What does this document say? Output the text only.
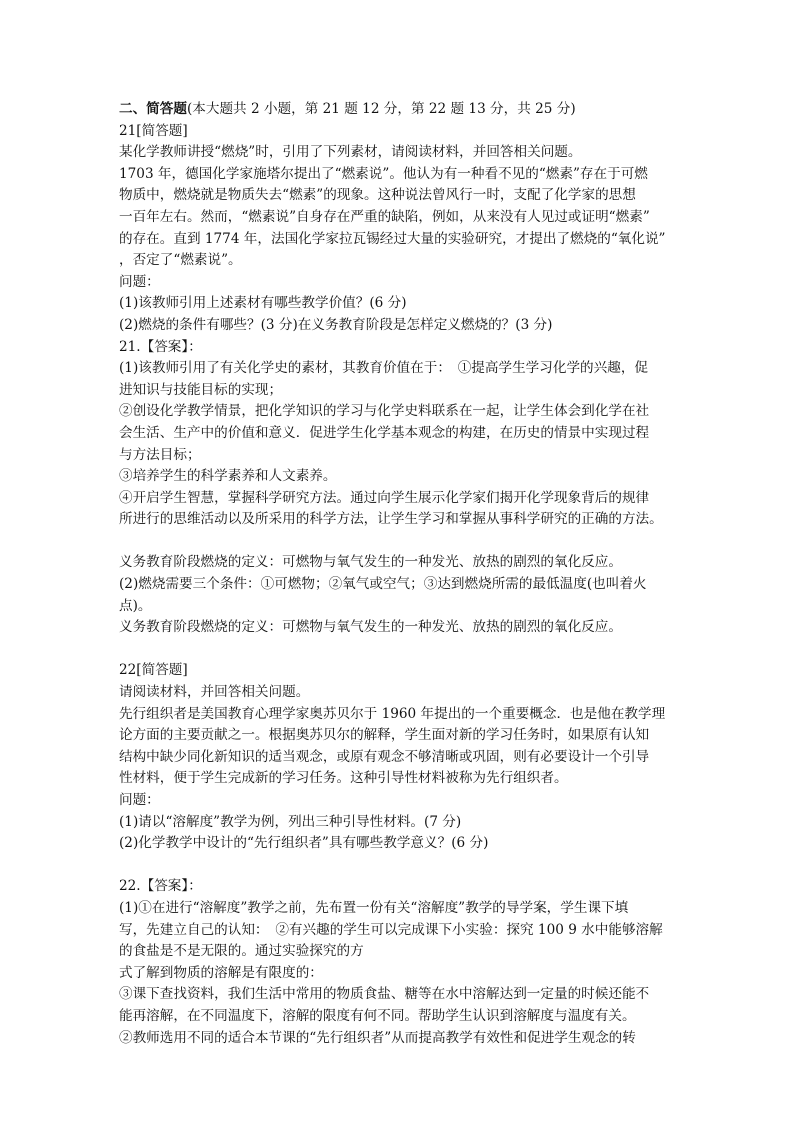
二、简答题(本大题共 2 小题，第 21 题 12 分，第 22 题 13 分，共 25 分)
21[简答题]
某化学教师讲授“燃烧”时，引用了下列素材，请阅读材料，并回答相关问题。
1703 年，德国化学家施塔尔提出了“燃素说”。他认为有一种看不见的“燃素”存在于可燃
物质中，燃烧就是物质失去“燃素”的现象。这种说法曾风行一时，支配了化学家的思想
一百年左右。然而，“燃素说”自身存在严重的缺陷，例如，从来没有人见过或证明“燃素”
的存在。直到 1774 年，法国化学家拉瓦锡经过大量的实验研究，才提出了燃烧的“氧化说”
，否定了“燃素说”。
问题：
(1)该教师引用上述素材有哪些教学价值？(6 分)
(2)燃烧的条件有哪些？(3 分)在义务教育阶段是怎样定义燃烧的？(3 分)
21.【答案】：
(1)该教师引用了有关化学史的素材，其教育价值在于：　①提高学生学习化学的兴趣，促
进知识与技能目标的实现；
②创设化学教学情景，把化学知识的学习与化学史料联系在一起，让学生体会到化学在社
会生活、生产中的价值和意义．促进学生化学基本观念的构建，在历史的情景中实现过程
与方法目标；
③培养学生的科学素养和人文素养。
④开启学生智慧，掌握科学研究方法。通过向学生展示化学家们揭开化学现象背后的规律
所进行的思维活动以及所采用的科学方法，让学生学习和掌握从事科学研究的正确的方法。
义务教育阶段燃烧的定义：可燃物与氧气发生的一种发光、放热的剧烈的氧化反应。
(2)燃烧需要三个条件：①可燃物；②氧气或空气；③达到燃烧所需的最低温度(也叫着火
点)。
义务教育阶段燃烧的定义：可燃物与氧气发生的一种发光、放热的剧烈的氧化反应。
22[简答题]
请阅读材料，并回答相关问题。
先行组织者是美国教育心理学家奥苏贝尔于 1960 年提出的一个重要概念．也是他在教学理
论方面的主要贡献之一。根据奥苏贝尔的解释，学生面对新的学习任务时，如果原有认知
结构中缺少同化新知识的适当观念，或原有观念不够清晰或巩固，则有必要设计一个引导
性材料，便于学生完成新的学习任务。这种引导性材料被称为先行组织者。
问题：
(1)请以“溶解度”教学为例，列出三种引导性材料。(7 分)
(2)化学教学中设计的“先行组织者”具有哪些教学意义？(6 分)
22.【答案】：
(1)①在进行“溶解度”教学之前，先布置一份有关“溶解度”教学的导学案，学生课下填
写，先建立自己的认知：　②有兴趣的学生可以完成课下小实验：探究 100 9 水中能够溶解
的食盐是不是无限的。通过实验探究的方
式了解到物质的溶解是有限度的：
③课下查找资料，我们生活中常用的物质食盐、糖等在水中溶解达到一定量的时候还能不
能再溶解，在不同温度下，溶解的限度有何不同。帮助学生认识到溶解度与温度有关。
②教师选用不同的适合本节课的“先行组织者”从而提高教学有效性和促进学生观念的转
